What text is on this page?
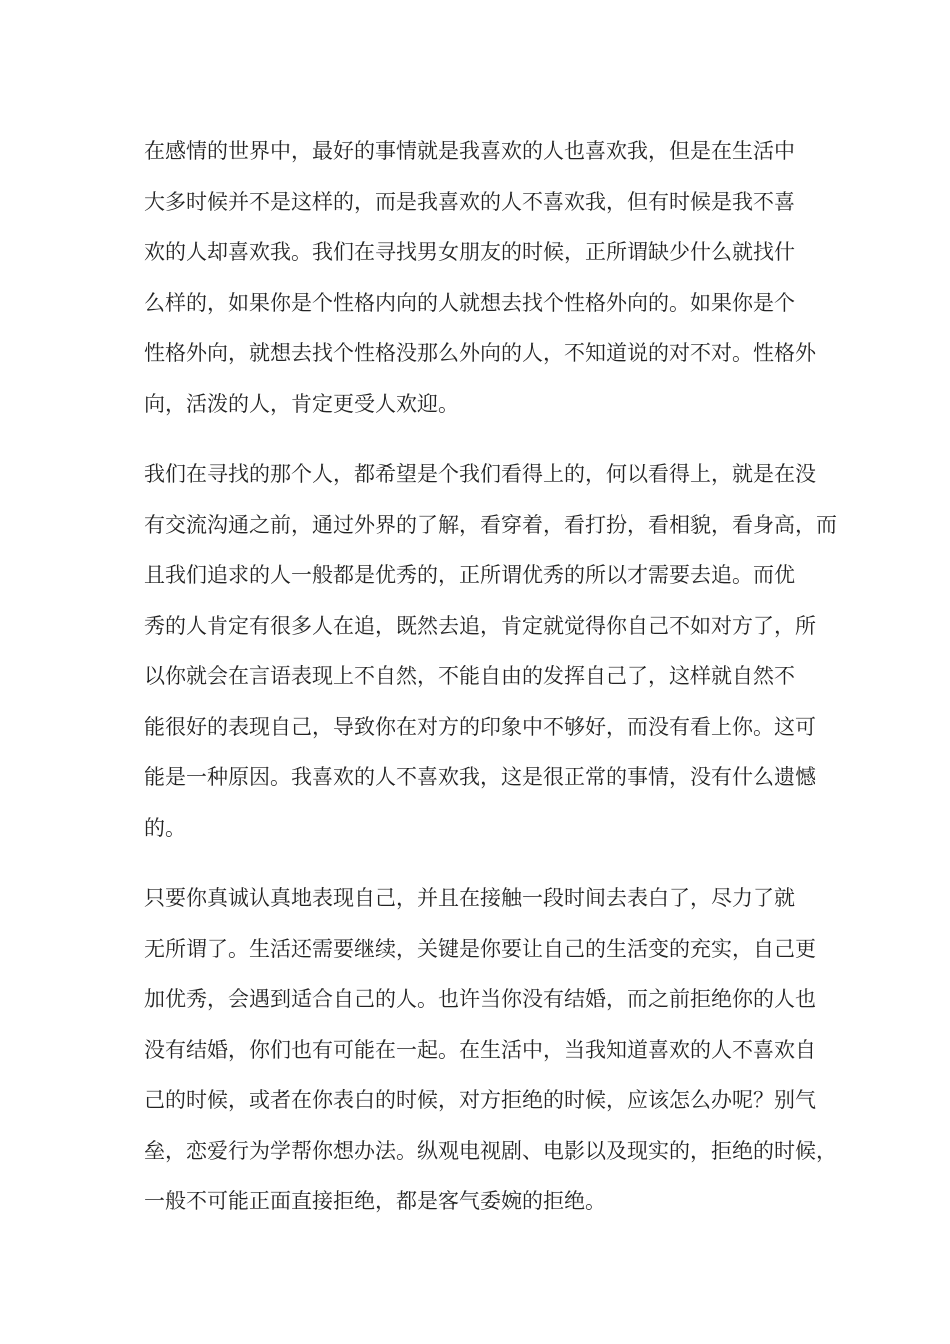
在感情的世界中，最好的事情就是我喜欢的人也喜欢我，但是在生活中
大多时候并不是这样的，而是我喜欢的人不喜欢我，但有时候是我不喜
欢的人却喜欢我。我们在寻找男女朋友的时候，正所谓缺少什么就找什
么样的，如果你是个性格内向的人就想去找个性格外向的。如果你是个
性格外向，就想去找个性格没那么外向的人，不知道说的对不对。性格外
向，活泼的人，肯定更受人欢迎。

我们在寻找的那个人，都希望是个我们看得上的，何以看得上，就是在没
有交流沟通之前，通过外界的了解，看穿着，看打扮，看相貌，看身高，而
且我们追求的人一般都是优秀的，正所谓优秀的所以才需要去追。而优
秀的人肯定有很多人在追，既然去追，肯定就觉得你自己不如对方了，所
以你就会在言语表现上不自然，不能自由的发挥自己了，这样就自然不
能很好的表现自己，导致你在对方的印象中不够好，而没有看上你。这可
能是一种原因。我喜欢的人不喜欢我，这是很正常的事情，没有什么遗憾
的。

只要你真诚认真地表现自己，并且在接触一段时间去表白了，尽力了就
无所谓了。生活还需要继续，关键是你要让自己的生活变的充实，自己更
加优秀，会遇到适合自己的人。也许当你没有结婚，而之前拒绝你的人也
没有结婚，你们也有可能在一起。在生活中，当我知道喜欢的人不喜欢自
己的时候，或者在你表白的时候，对方拒绝的时候，应该怎么办呢？别气
垒，恋爱行为学帮你想办法。纵观电视剧、电影以及现实的，拒绝的时候，
一般不可能正面直接拒绝，都是客气委婉的拒绝。
